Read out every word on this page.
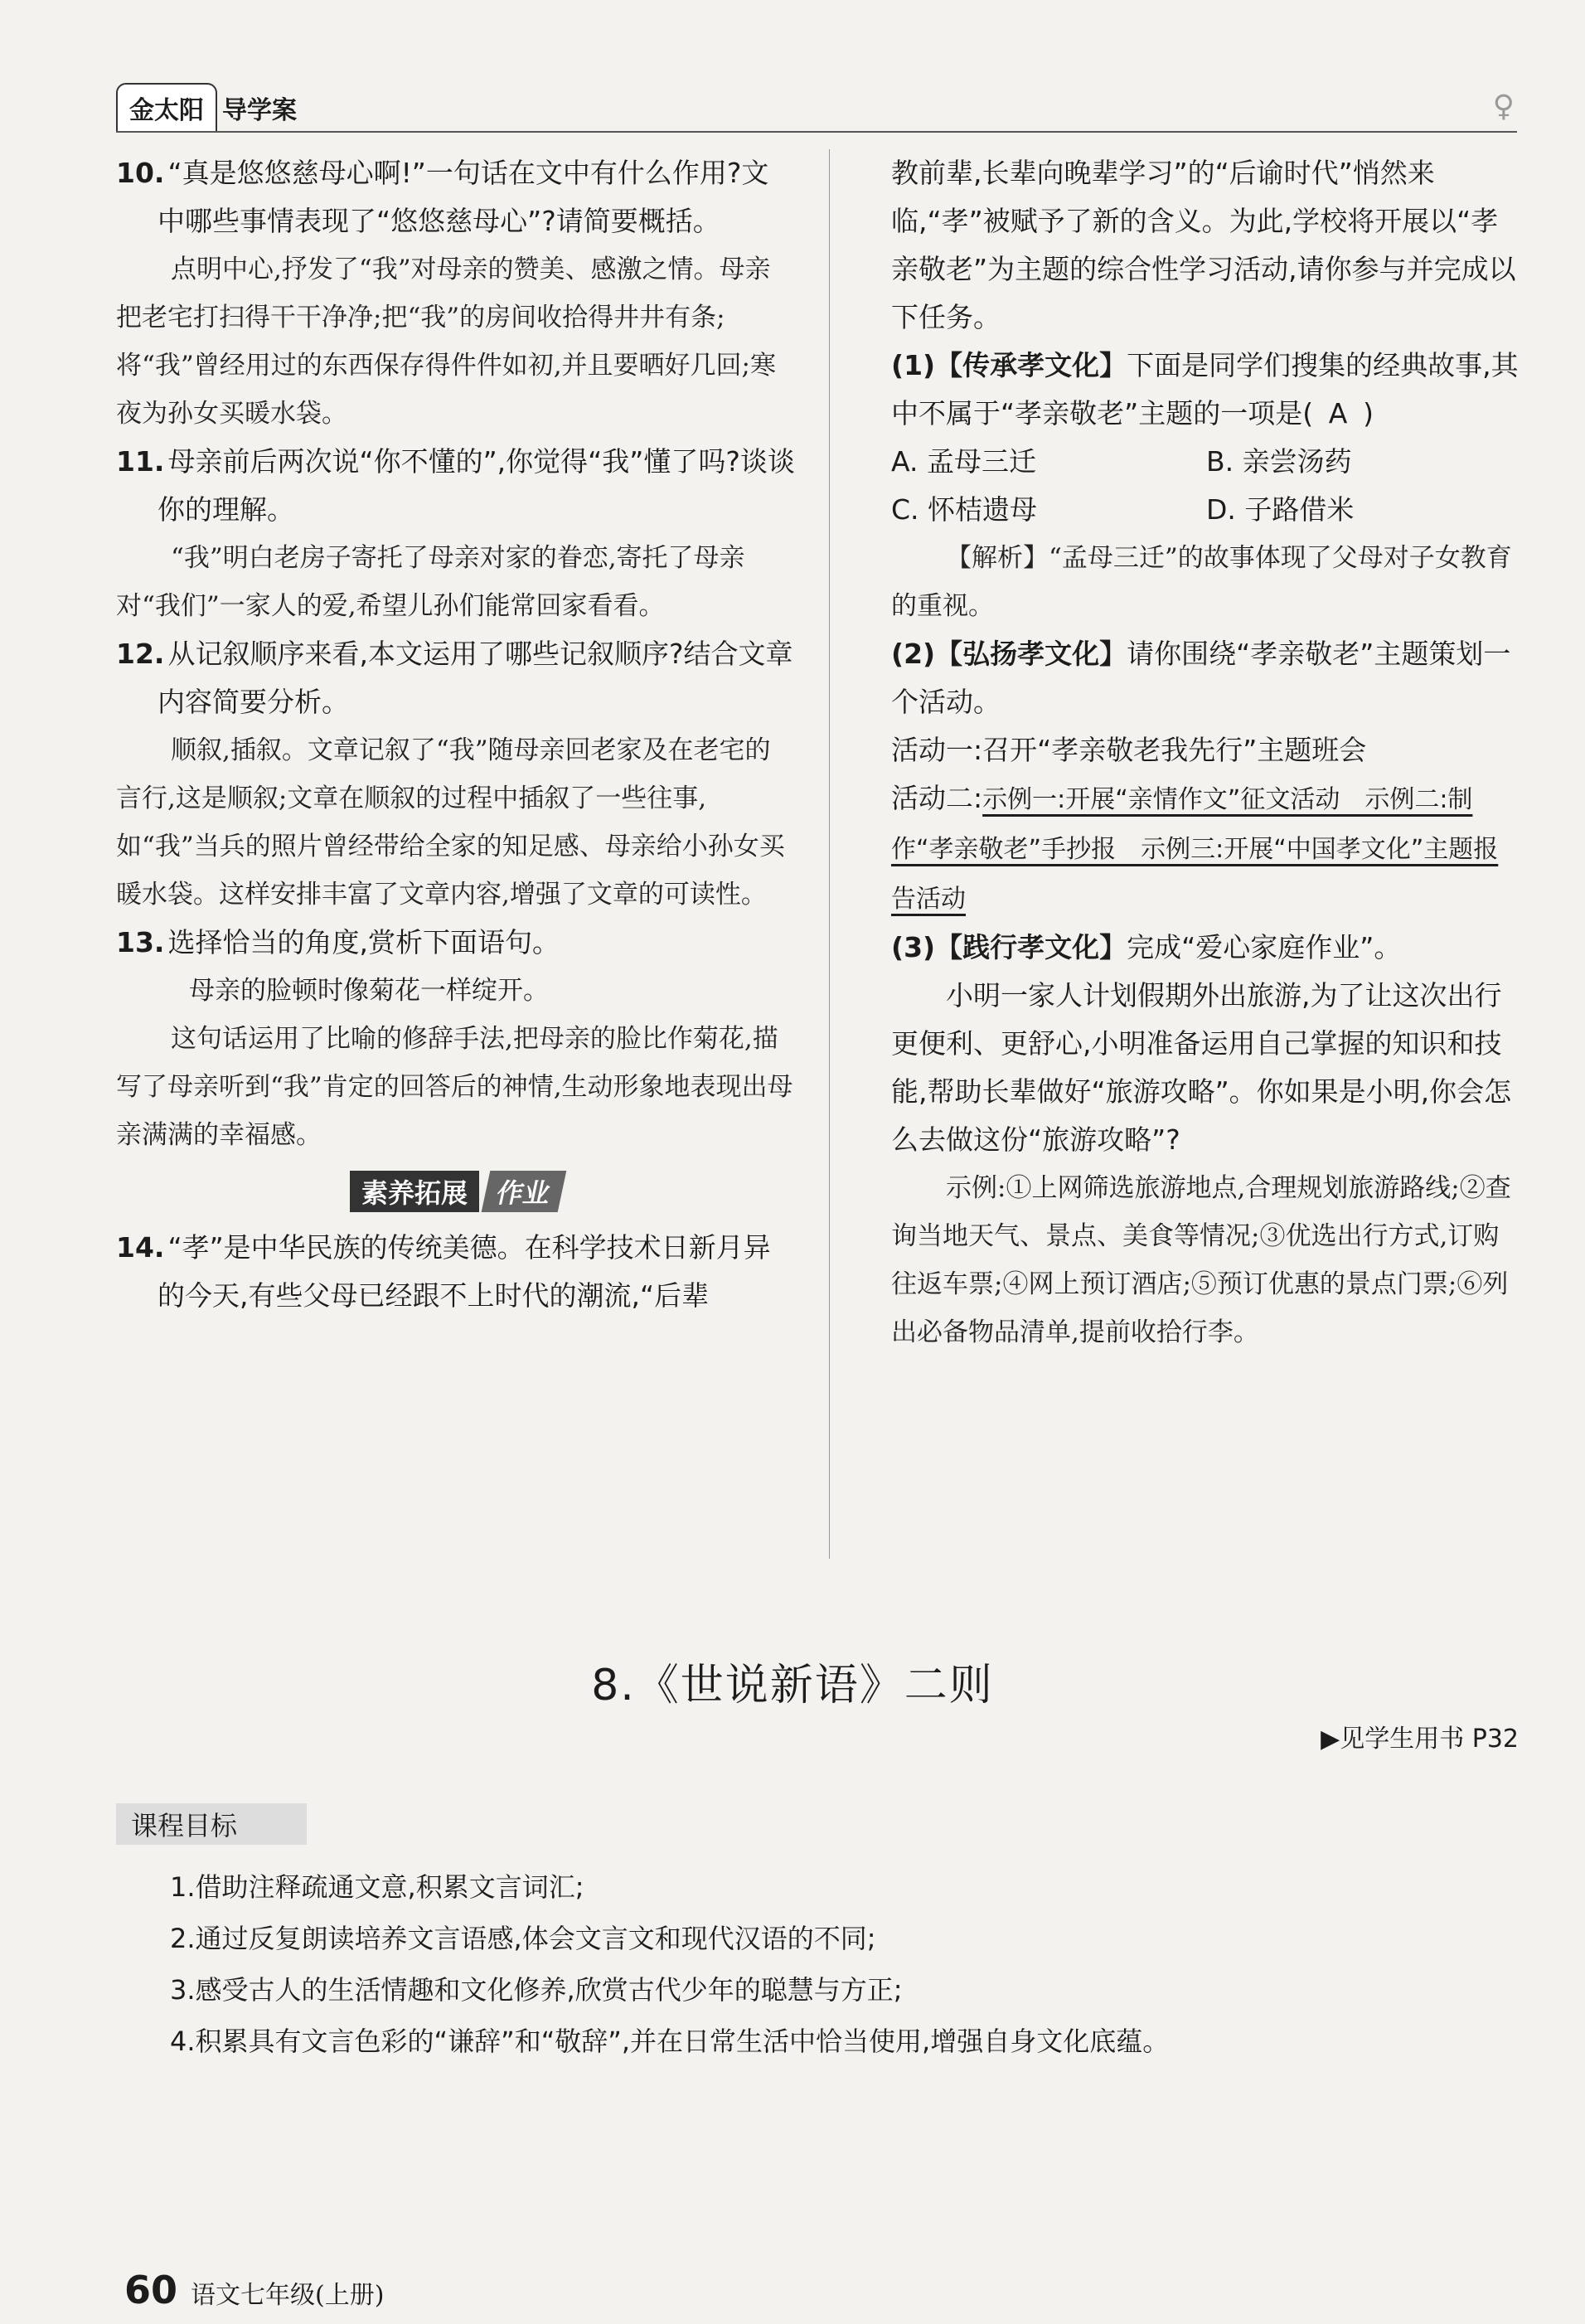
金太阳 导学案	♀

10. “真是悠悠慈母心啊!”一句话在文中有什么作用?文中哪些事情表现了“悠悠慈母心”?请简要概括。

点明中心,抒发了“我”对母亲的赞美、感激之情。母亲把老宅打扫得干干净净;把“我”的房间收拾得井井有条;将“我”曾经用过的东西保存得件件如初,并且要晒好几回;寒夜为孙女买暖水袋。

11. 母亲前后两次说“你不懂的”,你觉得“我”懂了吗?谈谈你的理解。

“我”明白老房子寄托了母亲对家的眷恋,寄托了母亲对“我们”一家人的爱,希望儿孙们能常回家看看。

12. 从记叙顺序来看,本文运用了哪些记叙顺序?结合文章内容简要分析。

顺叙,插叙。文章记叙了“我”随母亲回老家及在老宅的言行,这是顺叙;文章在顺叙的过程中插叙了一些往事,如“我”当兵的照片曾经带给全家的知足感、母亲给小孙女买暖水袋。这样安排丰富了文章内容,增强了文章的可读性。

13. 选择恰当的角度,赏析下面语句。

母亲的脸顿时像菊花一样绽开。

这句话运用了比喻的修辞手法,把母亲的脸比作菊花,描写了母亲听到“我”肯定的回答后的神情,生动形象地表现出母亲满满的幸福感。

素养拓展 作业

14. “孝”是中华民族的传统美德。在科学技术日新月异的今天,有些父母已经跟不上时代的潮流,“后辈

教前辈,长辈向晚辈学习”的“后谕时代”悄然来临,“孝”被赋予了新的含义。为此,学校将开展以“孝亲敬老”为主题的综合性学习活动,请你参与并完成以下任务。

(1)【传承孝文化】下面是同学们搜集的经典故事,其中不属于“孝亲敬老”主题的一项是( A )

A. 孟母三迁	B. 亲尝汤药
C. 怀桔遗母	D. 子路借米

【解析】“孟母三迁”的故事体现了父母对子女教育的重视。

(2)【弘扬孝文化】请你围绕“孝亲敬老”主题策划一个活动。

活动一:召开“孝亲敬老我先行”主题班会

活动二:示例一:开展“亲情作文”征文活动　示例二:制作“孝亲敬老”手抄报　示例三:开展“中国孝文化”主题报告活动

(3)【践行孝文化】完成“爱心家庭作业”。

小明一家人计划假期外出旅游,为了让这次出行更便利、更舒心,小明准备运用自己掌握的知识和技能,帮助长辈做好“旅游攻略”。你如果是小明,你会怎么去做这份“旅游攻略”?

示例:①上网筛选旅游地点,合理规划旅游路线;②查询当地天气、景点、美食等情况;③优选出行方式,订购往返车票;④网上预订酒店;⑤预订优惠的景点门票;⑥列出必备物品清单,提前收拾行李。

8.《世说新语》二则
▶见学生用书 P32
课程目标

1.借助注释疏通文意,积累文言词汇;

2.通过反复朗读培养文言语感,体会文言文和现代汉语的不同;

3.感受古人的生活情趣和文化修养,欣赏古代少年的聪慧与方正;

4.积累具有文言色彩的“谦辞”和“敬辞”,并在日常生活中恰当使用,增强自身文化底蕴。

60 语文七年级(上册)
